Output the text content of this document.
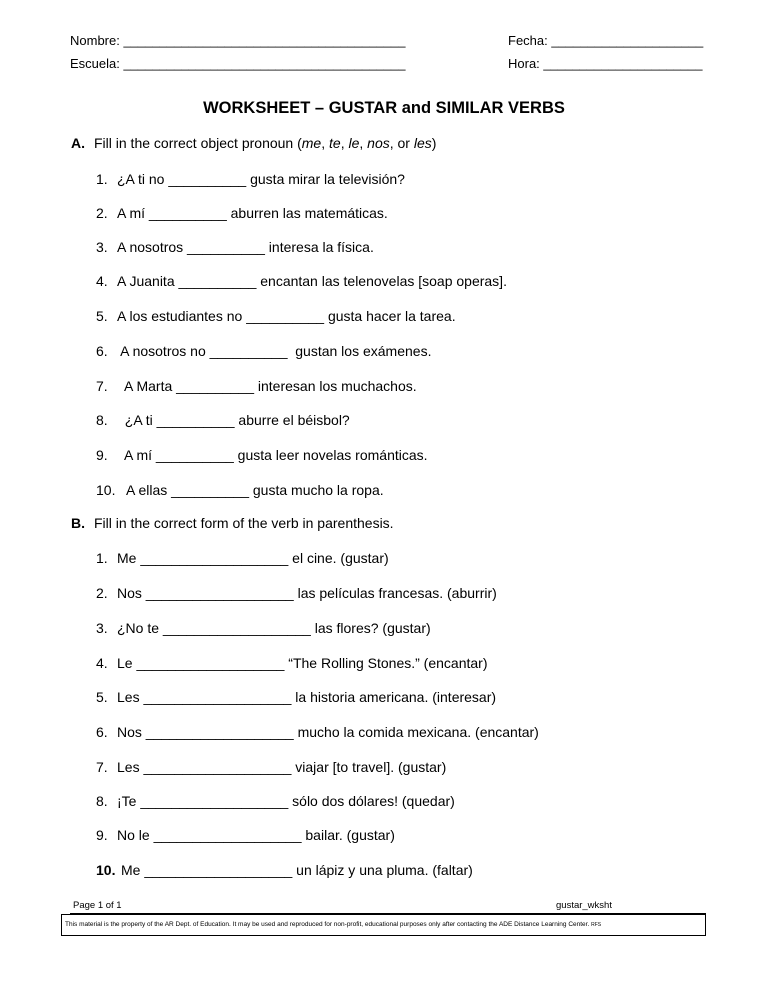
Nombre: _______________________________________
Escuela: _______________________________________
Fecha: _____________________
Hora: ______________________
WORKSHEET – GUSTAR and SIMILAR VERBS
A. Fill in the correct object pronoun (me, te, le, nos, or les)
1. ¿A ti no __________ gusta mirar la televisión?
2. A mí __________ aburren las matemáticas.
3. A nosotros __________ interesa la física.
4. A Juanita __________ encantan las telenovelas [soap operas].
5. A los estudiantes no __________ gusta hacer la tarea.
6. A nosotros no __________  gustan los exámenes.
7. A Marta __________ interesan los muchachos.
8. ¿A ti __________ aburre el béisbol?
9. A mí __________ gusta leer novelas románticas.
10. A ellas __________ gusta mucho la ropa.
B. Fill in the correct form of the verb in parenthesis.
1. Me ___________________ el cine. (gustar)
2. Nos ___________________ las películas francesas. (aburrir)
3. ¿No te ___________________ las flores? (gustar)
4. Le ___________________ “The Rolling Stones.” (encantar)
5. Les ___________________ la historia americana. (interesar)
6. Nos ___________________ mucho la comida mexicana. (encantar)
7. Les ___________________ viajar [to travel]. (gustar)
8. ¡Te ___________________ sólo dos dólares! (quedar)
9. No le ___________________ bailar. (gustar)
10. Me ___________________ un lápiz y una pluma. (faltar)
Page 1 of 1	gustar_wksht
This material is the property of the AR Dept. of Education. It may be used and reproduced for non-profit, educational purposes only after contacting the ADE Distance Learning Center. RFS
